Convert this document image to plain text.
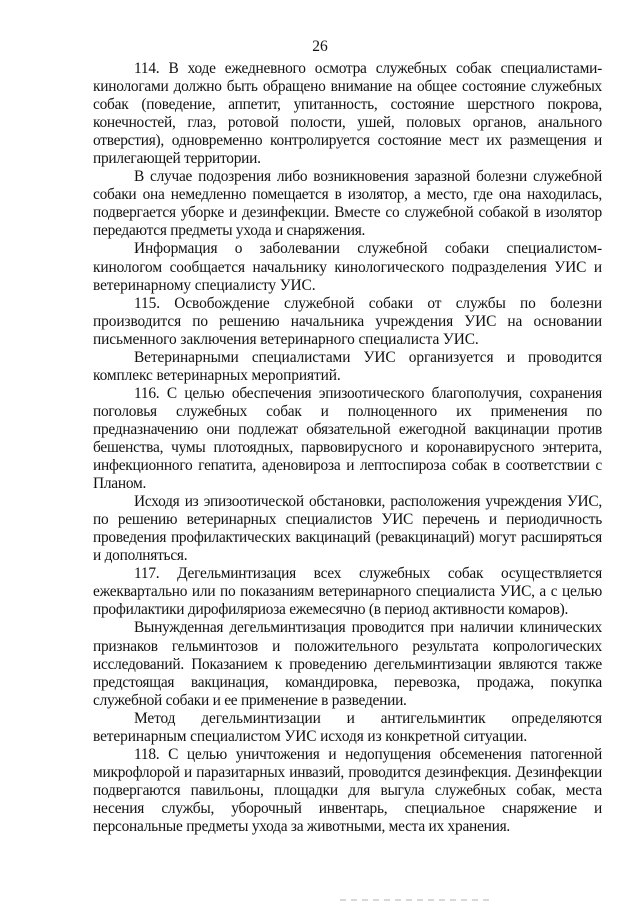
26

114. В ходе ежедневного осмотра служебных собак специалистами-кинологами должно быть обращено внимание на общее состояние служебных собак (поведение, аппетит, упитанность, состояние шерстного покрова, конечностей, глаз, ротовой полости, ушей, половых органов, анального отверстия), одновременно контролируется состояние мест их размещения и прилегающей территории.

В случае подозрения либо возникновения заразной болезни служебной собаки она немедленно помещается в изолятор, а место, где она находилась, подвергается уборке и дезинфекции. Вместе со служебной собакой в изолятор передаются предметы ухода и снаряжения.

Информация о заболевании служебной собаки специалистом-кинологом сообщается начальнику кинологического подразделения УИС и ветеринарному специалисту УИС.

115. Освобождение служебной собаки от службы по болезни производится по решению начальника учреждения УИС на основании письменного заключения ветеринарного специалиста УИС.

Ветеринарными специалистами УИС организуется и проводится комплекс ветеринарных мероприятий.

116. С целью обеспечения эпизоотического благополучия, сохранения поголовья служебных собак и полноценного их применения по предназначению они подлежат обязательной ежегодной вакцинации против бешенства, чумы плотоядных, парвовирусного и коронавирусного энтерита, инфекционного гепатита, аденовироза и лептоспироза собак в соответствии с Планом.

Исходя из эпизоотической обстановки, расположения учреждения УИС, по решению ветеринарных специалистов УИС перечень и периодичность проведения профилактических вакцинаций (ревакцинаций) могут расширяться и дополняться.

117. Дегельминтизация всех служебных собак осуществляется ежеквартально или по показаниям ветеринарного специалиста УИС, а с целью профилактики дирофиляриоза ежемесячно (в период активности комаров).

Вынужденная дегельминтизация проводится при наличии клинических признаков гельминтозов и положительного результата копрологических исследований. Показанием к проведению дегельминтизации являются также предстоящая вакцинация, командировка, перевозка, продажа, покупка служебной собаки и ее применение в разведении.

Метод дегельминтизации и антигельминтик определяются ветеринарным специалистом УИС исходя из конкретной ситуации.

118. С целью уничтожения и недопущения обсеменения патогенной микрофлорой и паразитарных инвазий, проводится дезинфекция. Дезинфекции подвергаются павильоны, площадки для выгула служебных собак, места несения службы, уборочный инвентарь, специальное снаряжение и персональные предметы ухода за животными, места их хранения.
